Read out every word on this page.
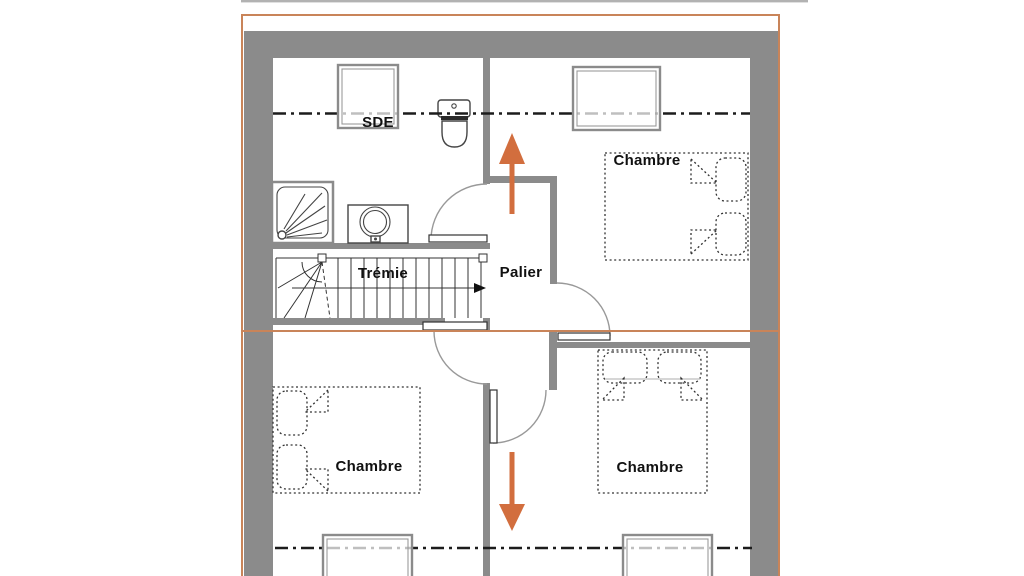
SDE
Trémie	Palier
Chambre
Chambre	Chambre
